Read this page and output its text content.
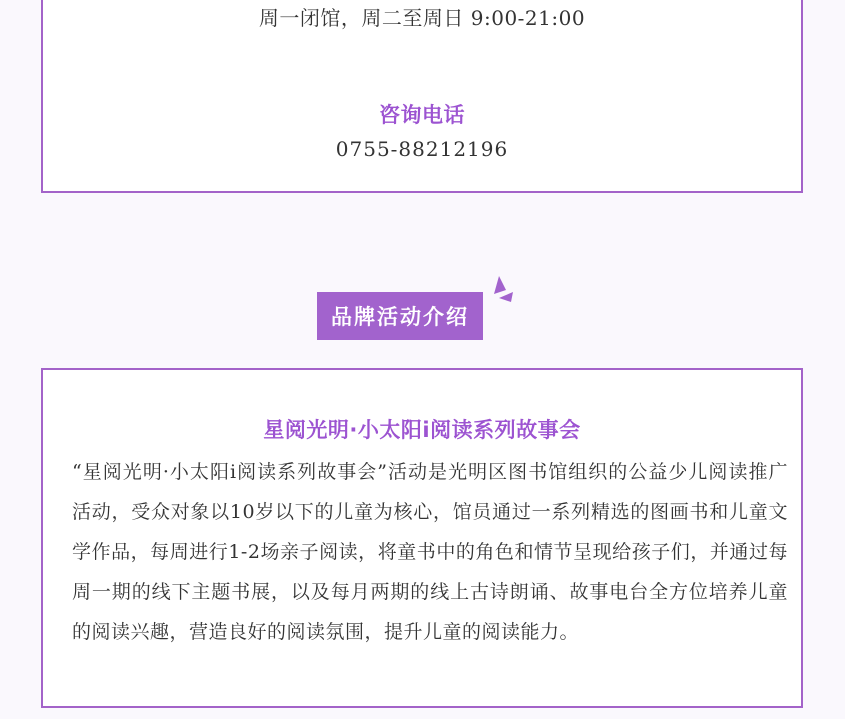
周一闭馆，周二至周日 9:00-21:00

咨询电话

0755-88212196

品牌活动介绍
星阅光明·小太阳i阅读系列故事会

“星阅光明·小太阳i阅读系列故事会”活动是光明区图书馆组织的公益少儿阅读推广活动，受众对象以10岁以下的儿童为核心，馆员通过一系列精选的图画书和儿童文学作品，每周进行1-2场亲子阅读，将童书中的角色和情节呈现给孩子们，并通过每周一期的线下主题书展，以及每月两期的线上古诗朗诵、故事电台全方位培养儿童的阅读兴趣，营造良好的阅读氛围，提升儿童的阅读能力。
